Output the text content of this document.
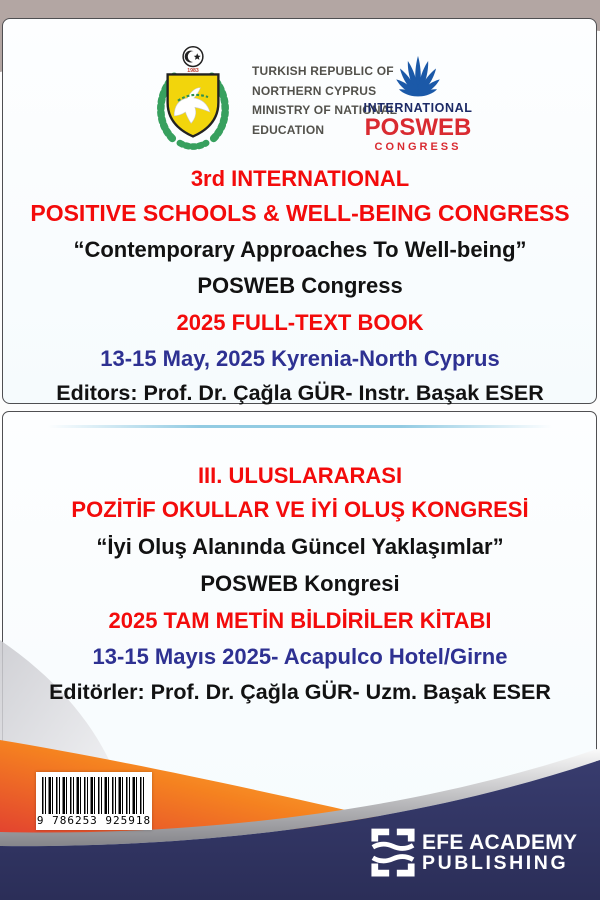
1983	TURKISH REPUBLIC OF
NORTHERN CYPRUS
MINISTRY OF NATIONAL
EDUCATION
INTERNATIONAL
POSWEB
CONGRESS
3rd INTERNATIONAL
POSITIVE SCHOOLS & WELL-BEING CONGRESS
“Contemporary Approaches To Well-being”
POSWEB Congress
2025 FULL-TEXT BOOK
13-15 May, 2025 Kyrenia-North Cyprus
Editors: Prof. Dr. Çağla GÜR- Instr. Başak ESER
III. ULUSLARARASI
POZİTİF OKULLAR VE İYİ OLUŞ KONGRESİ
“İyi Oluş Alanında Güncel Yaklaşımlar”
POSWEB Kongresi
2025 TAM METİN BİLDİRİLER KİTABI
13-15 Mayıs 2025- Acapulco Hotel/Girne
Editörler: Prof. Dr. Çağla GÜR- Uzm. Başak ESER
9 786253 925918
EFE ACADEMY
PUBLISHING
